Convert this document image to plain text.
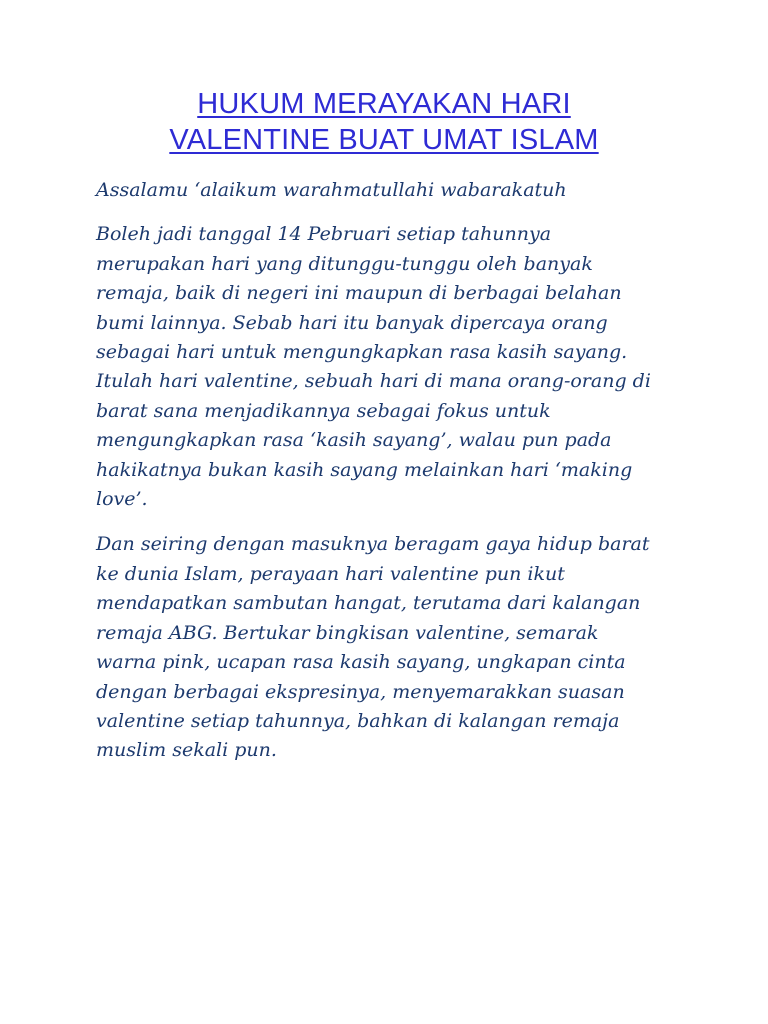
HUKUM MERAYAKAN HARI
VALENTINE BUAT UMAT ISLAM

Assalamu ‘alaikum warahmatullahi wabarakatuh

Boleh jadi tanggal 14 Pebruari setiap tahunnya
merupakan hari yang ditunggu-tunggu oleh banyak
remaja, baik di negeri ini maupun di berbagai belahan
bumi lainnya. Sebab hari itu banyak dipercaya orang
sebagai hari untuk mengungkapkan rasa kasih sayang.
Itulah hari valentine, sebuah hari di mana orang-orang di
barat sana menjadikannya sebagai fokus untuk
mengungkapkan rasa ‘kasih sayang’, walau pun pada
hakikatnya bukan kasih sayang melainkan hari ‘making
love’.

Dan seiring dengan masuknya beragam gaya hidup barat
ke dunia Islam, perayaan hari valentine pun ikut
mendapatkan sambutan hangat, terutama dari kalangan
remaja ABG. Bertukar bingkisan valentine, semarak
warna pink, ucapan rasa kasih sayang, ungkapan cinta
dengan berbagai ekspresinya, menyemarakkan suasan
valentine setiap tahunnya, bahkan di kalangan remaja
muslim sekali pun.
